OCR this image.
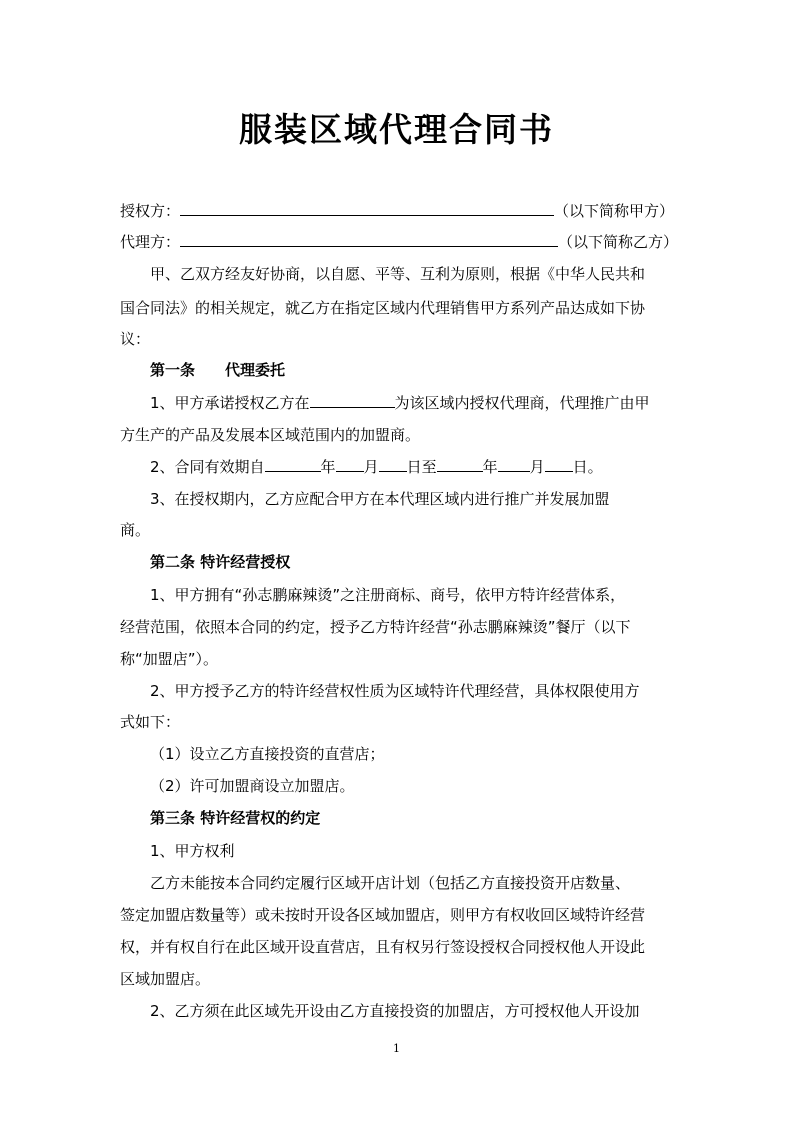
服装区域代理合同书
授权方：	（以下简称甲方）
代理方：	（以下简称乙方）
甲、乙双方经友好协商，以自愿、平等、互利为原则，根据《中华人民共和
国合同法》的相关规定，就乙方在指定区域内代理销售甲方系列产品达成如下协
议：
第一条 代理委托
1、甲方承诺授权乙方在	为该区域内授权代理商，代理推广由甲
方生产的产品及发展本区域范围内的加盟商。
2、合同有效期自	年 月 日至	年 月 日。
3、在授权期内，乙方应配合甲方在本代理区域内进行推广并发展加盟
商。
第二条 特许经营授权
1、甲方拥有“孙志鹏麻辣烫”之注册商标、商号，依甲方特许经营体系，
经营范围，依照本合同的约定，授予乙方特许经营“孙志鹏麻辣烫”餐厅（以下
称“加盟店”）。
2、甲方授予乙方的特许经营权性质为区域特许代理经营，具体权限使用方
式如下：
（1）设立乙方直接投资的直营店；
（2）许可加盟商设立加盟店。
第三条 特许经营权的约定
1、甲方权利
乙方未能按本合同约定履行区域开店计划（包括乙方直接投资开店数量、
签定加盟店数量等）或未按时开设各区域加盟店，则甲方有权收回区域特许经营
权，并有权自行在此区域开设直营店，且有权另行签设授权合同授权他人开设此
区域加盟店。
2、乙方须在此区域先开设由乙方直接投资的加盟店，方可授权他人开设加
1
